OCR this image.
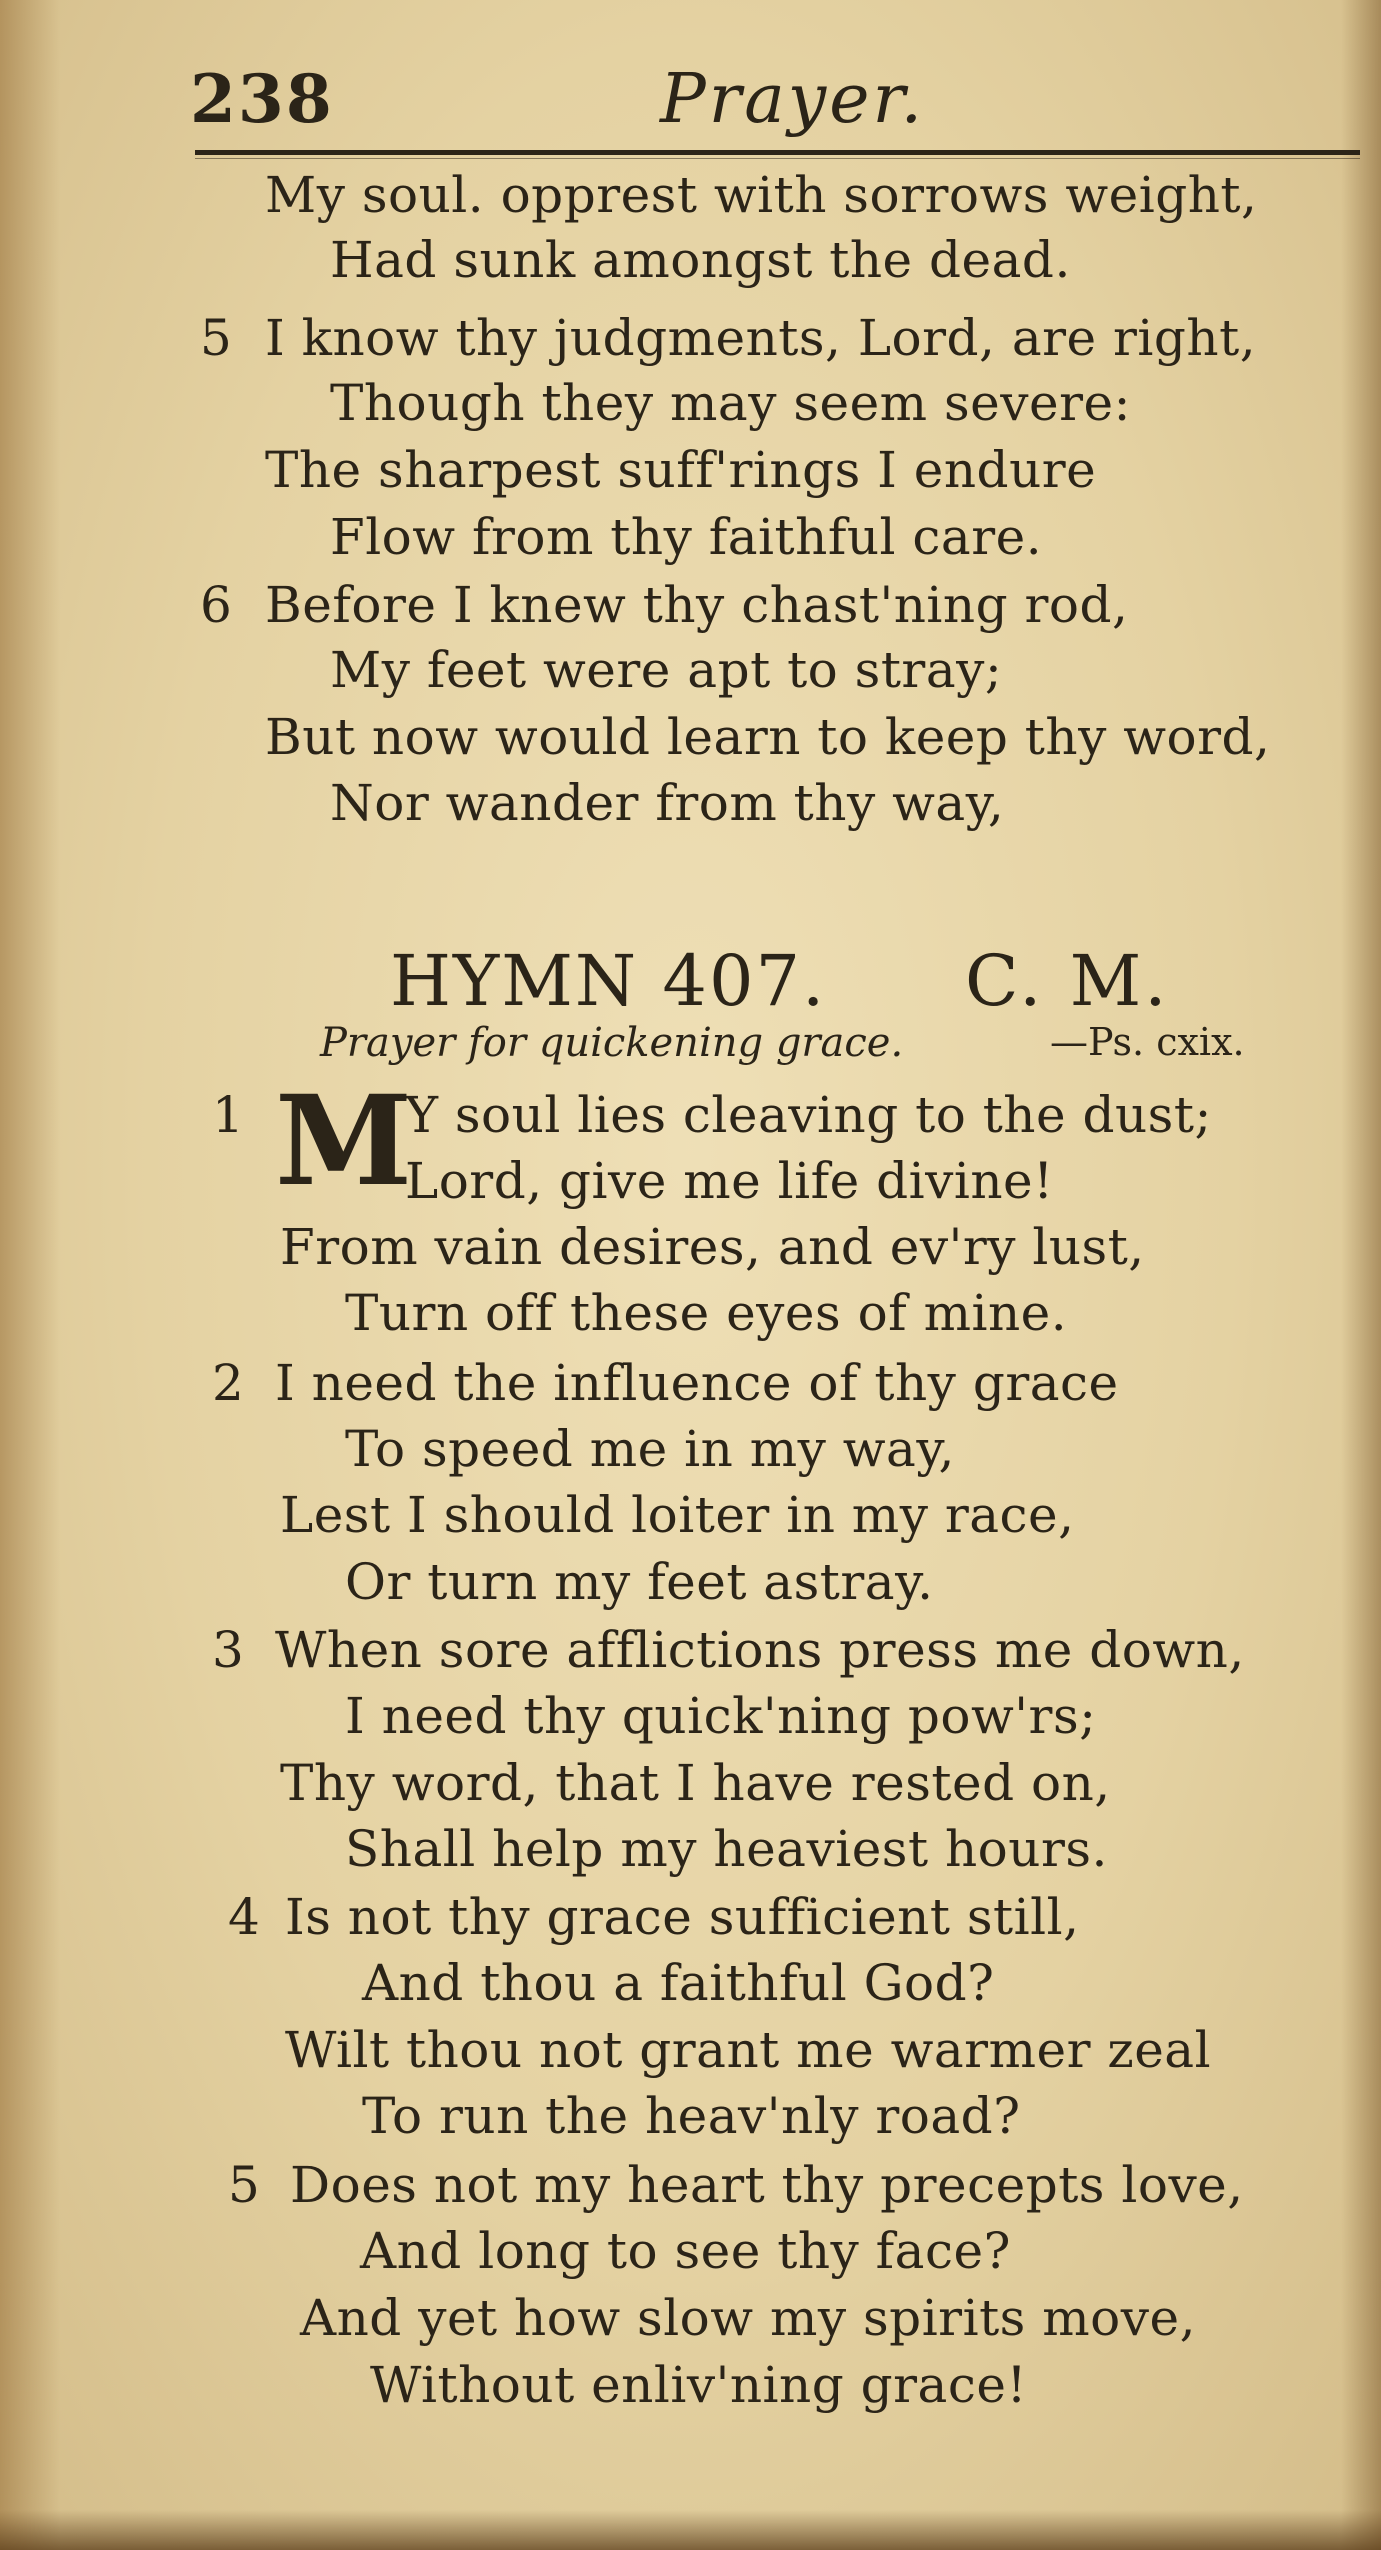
238	Prayer.
My soul. opprest with sorrows weight,
Had sunk amongst the dead.
5 I know thy judgments, Lord, are right,
Though they may seem severe:
The sharpest suff'rings I endure
Flow from thy faithful care.
6 Before I knew thy chast'ning rod,
My feet were apt to stray;
But now would learn to keep thy word,
Nor wander from thy way,
HYMN 407. C. M.
Prayer for quickening grace.	—Ps. cxix.
1 M
Y soul lies cleaving to the dust;
Lord, give me life divine!
From vain desires, and ev'ry lust,
Turn off these eyes of mine.
2 I need the influence of thy grace
To speed me in my way,
Lest I should loiter in my race,
Or turn my feet astray.
3 When sore afflictions press me down,
I need thy quick'ning pow'rs;
Thy word, that I have rested on,
Shall help my heaviest hours.
4 Is not thy grace sufficient still,
And thou a faithful God?
Wilt thou not grant me warmer zeal
To run the heav'nly road?
5 Does not my heart thy precepts love,
And long to see thy face?
And yet how slow my spirits move,
Without enliv'ning grace!
